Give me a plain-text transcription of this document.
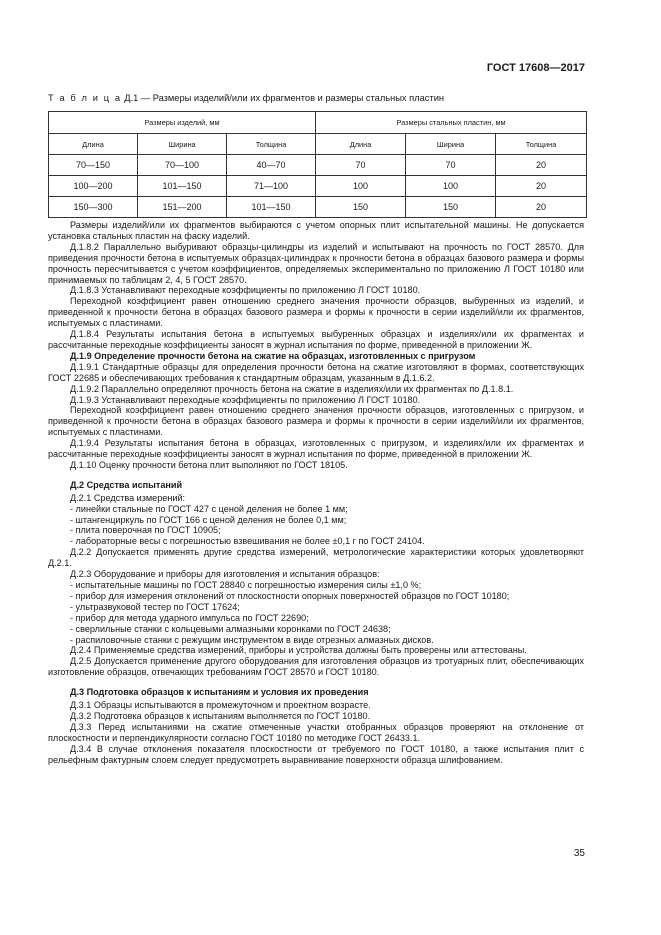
ГОСТ 17608—2017
Т а б л и ц а Д.1 — Размеры изделий/или их фрагментов и размеры стальных пластин
Размеры изделий, мм			Размеры стальных пластин, мм		
Длина	Ширина	Толщина	Длина	Ширина	Толщина
70—150	70—100	40—70	70	70	20
100—200	101—150	71—100	100	100	20
150—300	151—200	101—150	150	150	20

Размеры изделий/или их фрагментов выбираются с учетом опорных плит испытательной машины. Не допускается установка стальных пластин на фаску изделий.

Д.1.8.2 Параллельно выбуривают образцы-цилиндры из изделий и испытывают на прочность по ГОСТ 28570. Для приведения прочности бетона в испытуемых образцах-цилиндрах к прочности бетона в образцах базового размера и формы прочность пересчитывается с учетом коэффициентов, определяемых экспериментально по приложению Л ГОСТ 10180 или принимаемых по таблицам 2, 4, 5 ГОСТ 28570.

Д.1.8.3 Устанавливают переходные коэффициенты по приложению Л ГОСТ 10180.

Переходной коэффициент равен отношению среднего значения прочности образцов, выбуренных из изделий, и приведенной к прочности бетона в образцах базового размера и формы к прочности в серии изделий/или их фрагментов, испытуемых с пластинами.

Д.1.8.4 Результаты испытания бетона в испытуемых выбуренных образцах и изделиях/или их фрагментах и рассчитанные переходные коэффициенты заносят в журнал испытания по форме, приведенной в приложении Ж.

Д.1.9 Определение прочности бетона на сжатие на образцах, изготовленных с пригрузом

Д.1.9.1 Стандартные образцы для определения прочности бетона на сжатие изготовляют в формах, соответствующих ГОСТ 22685 и обеспечивающих требования к стандартным образцам, указанным в Д.1.6.2.

Д.1.9.2 Параллельно определяют прочность бетона на сжатие в изделиях/или их фрагментах по Д.1.8.1.

Д.1.9.3 Устанавливают переходные коэффициенты по приложению Л ГОСТ 10180.

Переходной коэффициент равен отношению среднего значения прочности образцов, изготовленных с пригрузом, и приведенной к прочности бетона в образцах базового размера и формы к прочности в серии изделий/или их фрагментов, испытуемых с пластинами.

Д.1.9.4 Результаты испытания бетона в образцах, изготовленных с пригрузом, и изделиях/или их фрагментах и рассчитанные переходные коэффициенты заносят в журнал испытания по форме, приведенной в приложении Ж.

Д.1.10 Оценку прочности бетона плит выполняют по ГОСТ 18105.

Д.2 Средства испытаний

Д.2.1 Средства измерений:

- линейки стальные по ГОСТ 427 с ценой деления не более 1 мм;

- штангенциркуль по ГОСТ 166 с ценой деления не более 0,1 мм;

- плита поверочная по ГОСТ 10905;

- лабораторные весы с погрешностью взвешивания не более ±0,1 г по ГОСТ 24104.

Д.2.2 Допускается применять другие средства измерений, метрологические характеристики которых удовлетворяют Д.2.1.

Д.2.3 Оборудование и приборы для изготовления и испытания образцов:

- испытательные машины по ГОСТ 28840 с погрешностью измерения силы ±1,0 %;

- прибор для измерения отклонений от плоскостности опорных поверхностей образцов по ГОСТ 10180;

- ультразвуковой тестер по ГОСТ 17624;

- прибор для метода ударного импульса по ГОСТ 22690;

- сверлильные станки с кольцевыми алмазными коронками по ГОСТ 24638;

- распиловочные станки с режущим инструментом в виде отрезных алмазных дисков.

Д.2.4 Применяемые средства измерений, приборы и устройства должны быть проверены или аттестованы.

Д.2.5 Допускается применение другого оборудования для изготовления образцов из тротуарных плит, обеспечивающих изготовление образцов, отвечающих требованиям ГОСТ 28570 и ГОСТ 10180.

Д.3 Подготовка образцов к испытаниям и условия их проведения

Д.3.1 Образцы испытываются в промежуточном и проектном возрасте.

Д.3.2 Подготовка образцов к испытаниям выполняется по ГОСТ 10180.

Д.3.3 Перед испытаниями на сжатие отмеченные участки отобранных образцов проверяют на отклонение от плоскостности и перпендикулярности согласно ГОСТ 10180 по методике ГОСТ 26433.1.

Д.3.4 В случае отклонения показателя плоскостности от требуемого по ГОСТ 10180, а также испытания плит с рельефным фактурным слоем следует предусмотреть выравнивание поверхности образца шлифованием.

35
